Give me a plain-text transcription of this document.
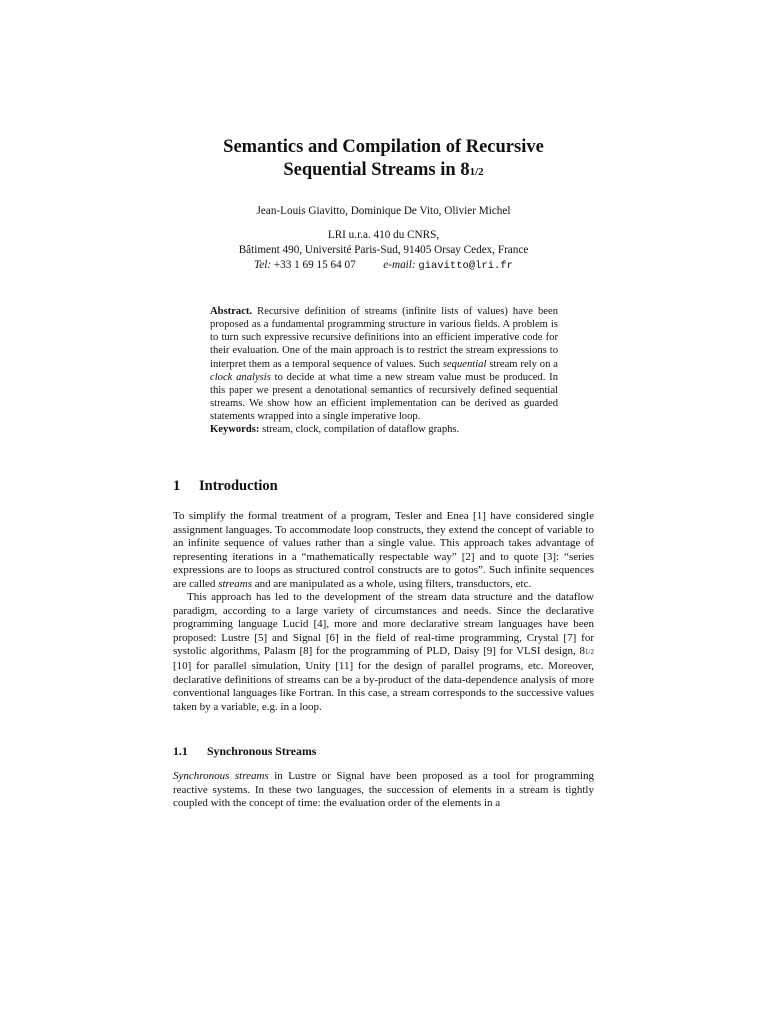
Semantics and Compilation of Recursive
Sequential Streams in 81/2
Jean-Louis Giavitto, Dominique De Vito, Olivier Michel
LRI u.r.a. 410 du CNRS,
Bâtiment 490, Université Paris-Sud, 91405 Orsay Cedex, France
Tel: +33 1 69 15 64 07 e-mail: giavitto@lri.fr

Abstract. Recursive definition of streams (infinite lists of values) have been proposed as a fundamental programming structure in various fields. A problem is to turn such expressive recursive definitions into an efficient imperative code for their evaluation. One of the main approach is to restrict the stream expressions to interpret them as a temporal sequence of values. Such sequential stream rely on a clock analysis to decide at what time a new stream value must be produced. In this paper we present a denotational semantics of recursively defined sequential streams. We show how an efficient implementation can be derived as guarded statements wrapped into a single imperative loop.

Keywords: stream, clock, compilation of dataflow graphs.

1 Introduction

To simplify the formal treatment of a program, Tesler and Enea [1] have considered single assignment languages. To accommodate loop constructs, they extend the concept of variable to an infinite sequence of values rather than a single value. This approach takes advantage of representing iterations in a “mathematically respectable way” [2] and to quote [3]: “series expressions are to loops as structured control constructs are to gotos”. Such infinite sequences are called streams and are manipulated as a whole, using filters, transductors, etc.

This approach has led to the development of the stream data structure and the dataflow paradigm, according to a large variety of circumstances and needs. Since the declarative programming language Lucid [4], more and more declarative stream languages have been proposed: Lustre [5] and Signal [6] in the field of real-time programming, Crystal [7] for systolic algorithms, Palasm [8] for the programming of PLD, Daisy [9] for VLSI design, 81/2 [10] for parallel simulation, Unity [11] for the design of parallel programs, etc. Moreover, declarative definitions of streams can be a by-product of the data-dependence analysis of more conventional languages like Fortran. In this case, a stream corresponds to the successive values taken by a variable, e.g. in a loop.

1.1 Synchronous Streams

Synchronous streams in Lustre or Signal have been proposed as a tool for programming reactive systems. In these two languages, the succession of elements in a stream is tightly coupled with the concept of time: the evaluation order of the elements in a
